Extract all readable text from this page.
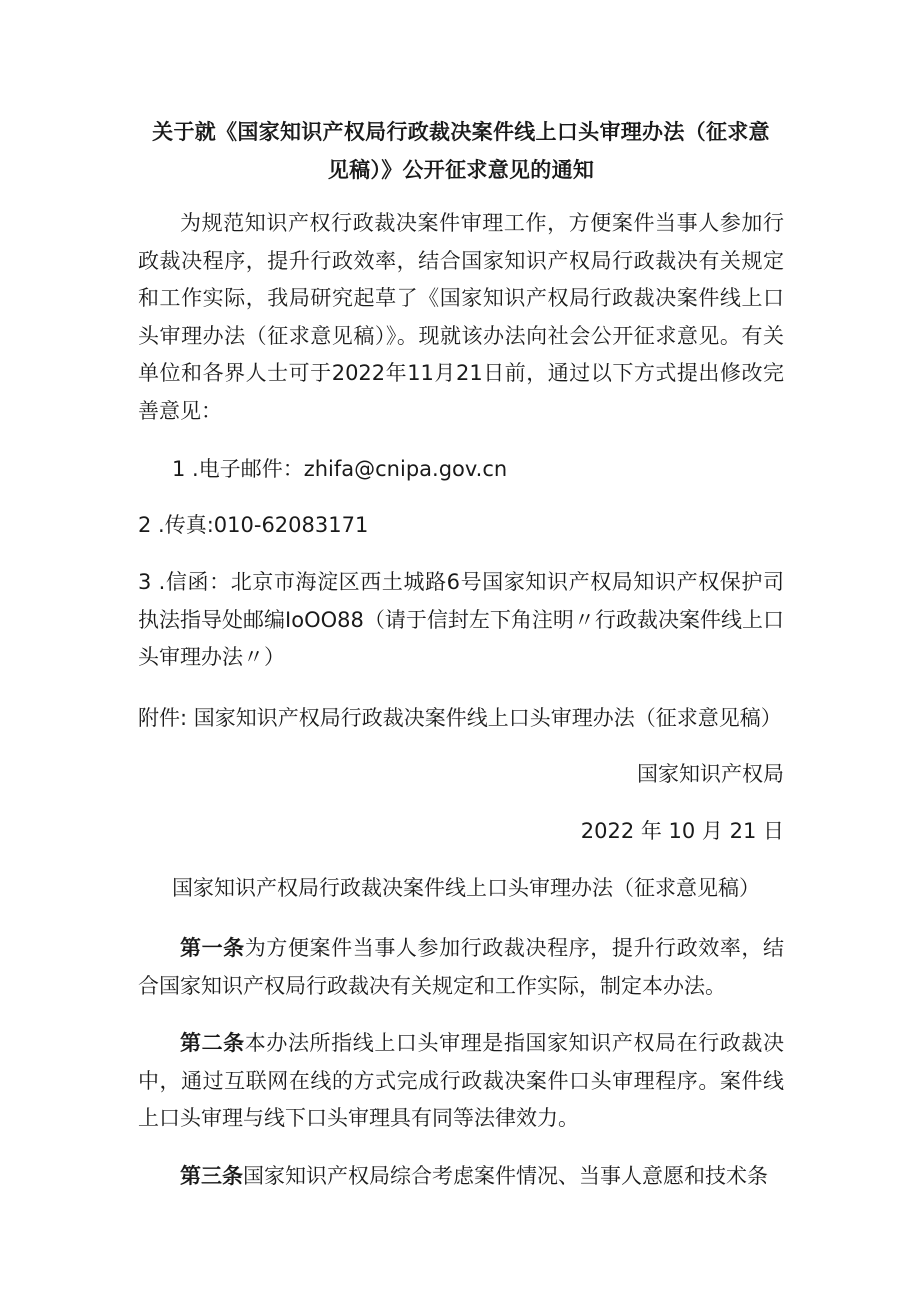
关于就《国家知识产权局行政裁决案件线上口头审理办法（征求意
见稿）》公开征求意见的通知

为规范知识产权行政裁决案件审理工作，方便案件当事人参加行政裁决程序，提升行政效率，结合国家知识产权局行政裁决有关规定和工作实际，我局研究起草了《国家知识产权局行政裁决案件线上口头审理办法（征求意见稿）》。现就该办法向社会公开征求意见。有关单位和各界人士可于2022年11月21日前，通过以下方式提出修改完善意见：

1 .电子邮件：zhifa@cnipa.gov.cn

2 .传真:010-62083171

3 .信函：北京市海淀区西土城路6号国家知识产权局知识产权保护司执法指导处邮编IoOO88（请于信封左下角注明〃行政裁决案件线上口头审理办法〃）

附件: 国家知识产权局行政裁决案件线上口头审理办法（征求意见稿）

国家知识产权局

2022 年 10 月 21 日

国家知识产权局行政裁决案件线上口头审理办法（征求意见稿）

第一条为方便案件当事人参加行政裁决程序，提升行政效率，结合国家知识产权局行政裁决有关规定和工作实际，制定本办法。

第二条本办法所指线上口头审理是指国家知识产权局在行政裁决中，通过互联网在线的方式完成行政裁决案件口头审理程序。案件线上口头审理与线下口头审理具有同等法律效力。

第三条国家知识产权局综合考虑案件情况、当事人意愿和技术条
